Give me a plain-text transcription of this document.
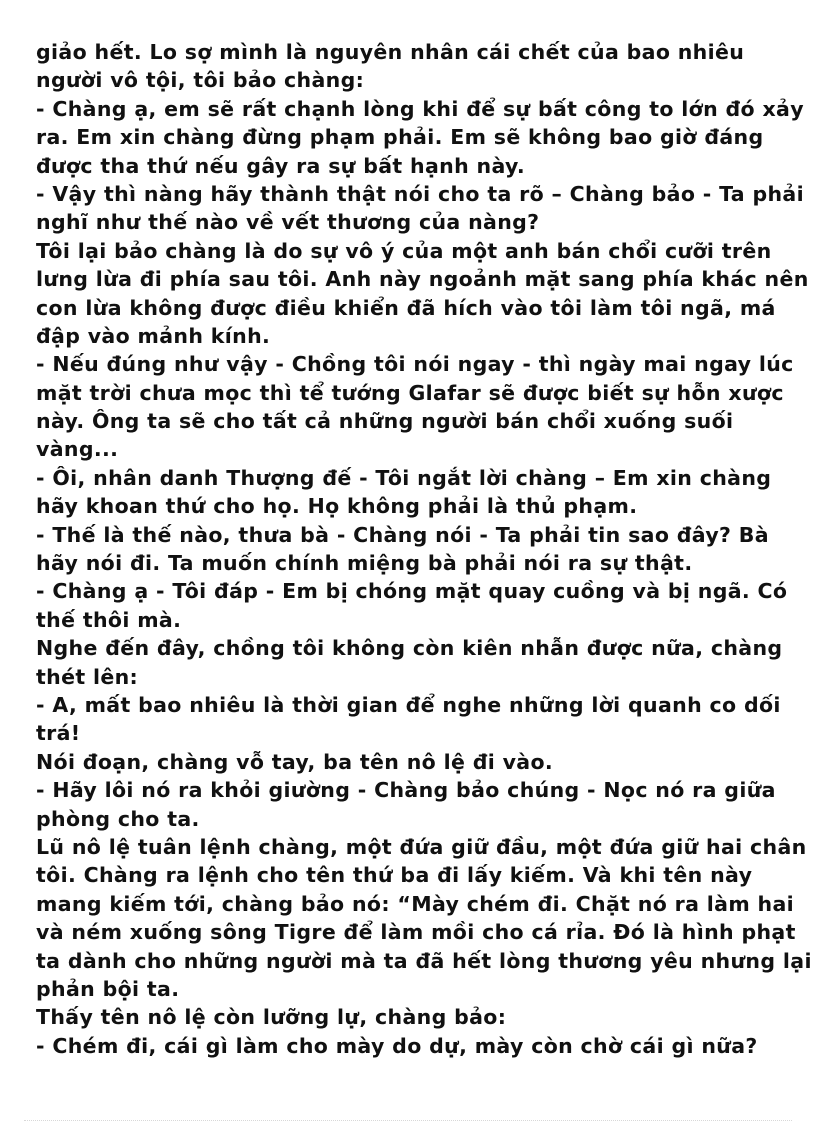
giảo hết. Lo sợ mình là nguyên nhân cái chết của bao nhiêu
người vô tội, tôi bảo chàng:
- Chàng ạ, em sẽ rất chạnh lòng khi để sự bất công to lớn đó xảy
ra. Em xin chàng đừng phạm phải. Em sẽ không bao giờ đáng
được tha thứ nếu gây ra sự bất hạnh này.
- Vậy thì nàng hãy thành thật nói cho ta rõ – Chàng bảo - Ta phải
nghĩ như thế nào về vết thương của nàng?
Tôi lại bảo chàng là do sự vô ý của một anh bán chổi cưỡi trên
lưng lừa đi phía sau tôi. Anh này ngoảnh mặt sang phía khác nên
con lừa không được điều khiển đã hích vào tôi làm tôi ngã, má
đập vào mảnh kính.
- Nếu đúng như vậy - Chồng tôi nói ngay - thì ngày mai ngay lúc
mặt trời chưa mọc thì tể tướng Glafar sẽ được biết sự hỗn xược
này. Ông ta sẽ cho tất cả những người bán chổi xuống suối
vàng...
- Ôi, nhân danh Thượng đế - Tôi ngắt lời chàng – Em xin chàng
hãy khoan thứ cho họ. Họ không phải là thủ phạm.
- Thế là thế nào, thưa bà - Chàng nói - Ta phải tin sao đây? Bà
hãy nói đi. Ta muốn chính miệng bà phải nói ra sự thật.
- Chàng ạ - Tôi đáp - Em bị chóng mặt quay cuồng và bị ngã. Có
thế thôi mà.
Nghe đến đây, chồng tôi không còn kiên nhẫn được nữa, chàng
thét lên:
- A, mất bao nhiêu là thời gian để nghe những lời quanh co dối
trá!
Nói đoạn, chàng vỗ tay, ba tên nô lệ đi vào.
- Hãy lôi nó ra khỏi giường - Chàng bảo chúng - Nọc nó ra giữa
phòng cho ta.
Lũ nô lệ tuân lệnh chàng, một đứa giữ đầu, một đứa giữ hai chân
tôi. Chàng ra lệnh cho tên thứ ba đi lấy kiếm. Và khi tên này
mang kiếm tới, chàng bảo nó: “Mày chém đi. Chặt nó ra làm hai
và ném xuống sông Tigre để làm mồi cho cá rỉa. Đó là hình phạt
ta dành cho những người mà ta đã hết lòng thương yêu nhưng lại
phản bội ta.
Thấy tên nô lệ còn lưỡng lự, chàng bảo:
- Chém đi, cái gì làm cho mày do dự, mày còn chờ cái gì nữa?
